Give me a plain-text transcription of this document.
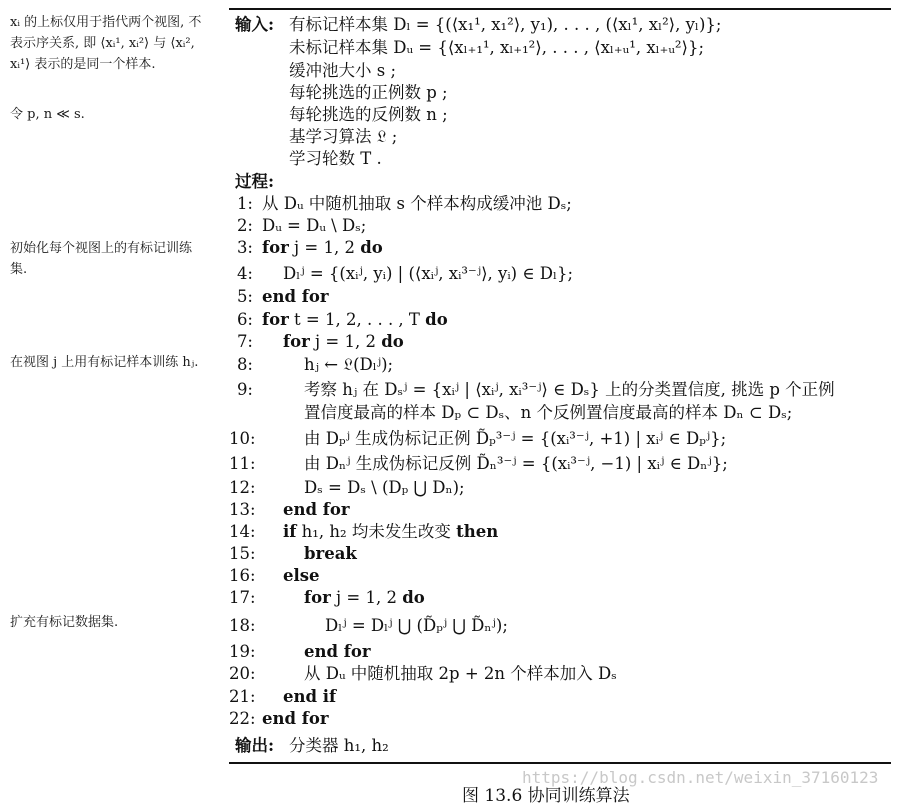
xᵢ 的上标仅用于指代两个视图, 不表示序关系, 即 ⟨xᵢ¹, xᵢ²⟩ 与 ⟨xᵢ², xᵢ¹⟩ 表示的是同一个样本.
令 p, n ≪ s.
初始化每个视图上的有标记训练集.
在视图 j 上用有标记样本训练 hⱼ.
扩充有标记数据集.
输入: 有标记样本集 Dₗ = {(⟨x₁¹, x₁²⟩, y₁), . . . , (⟨xₗ¹, xₗ²⟩, yₗ)};
未标记样本集 Dᵤ = {⟨xₗ₊₁¹, xₗ₊₁²⟩, . . . , ⟨xₗ₊ᵤ¹, xₗ₊ᵤ²⟩};
缓冲池大小 s ;
每轮挑选的正例数 p ;
每轮挑选的反例数 n ;
基学习算法 𝔏 ;
学习轮数 T .
过程:
1: 从 Dᵤ 中随机抽取 s 个样本构成缓冲池 Dₛ;
2: Dᵤ = Dᵤ \ Dₛ;
3: for j = 1, 2 do
4: Dₗʲ = {(xᵢʲ, yᵢ) | (⟨xᵢʲ, xᵢ³⁻ʲ⟩, yᵢ) ∈ Dₗ};
5: end for
6: for t = 1, 2, . . . , T do
7: for j = 1, 2 do
8:	hⱼ ← 𝔏(Dₗʲ);
9:	考察 hⱼ 在 Dₛʲ = {xᵢʲ | ⟨xᵢʲ, xᵢ³⁻ʲ⟩ ∈ Dₛ} 上的分类置信度, 挑选 p 个正例
置信度最高的样本 Dₚ ⊂ Dₛ、n 个反例置信度最高的样本 Dₙ ⊂ Dₛ;
10:	由 Dₚʲ 生成伪标记正例 D̃ₚ³⁻ʲ = {(xᵢ³⁻ʲ, +1) | xᵢʲ ∈ Dₚʲ};
11:	由 Dₙʲ 生成伪标记反例 D̃ₙ³⁻ʲ = {(xᵢ³⁻ʲ, −1) | xᵢʲ ∈ Dₙʲ};
12:	Dₛ = Dₛ \ (Dₚ ⋃ Dₙ);
13: end for
14: if h₁, h₂ 均未发生改变 then
15:	break
16: else
17:	for j = 1, 2 do
18:	Dₗʲ = Dₗʲ ⋃ (D̃ₚʲ ⋃ D̃ₙʲ);
19:	end for
20:	从 Dᵤ 中随机抽取 2p + 2n 个样本加入 Dₛ
21: end if
22: end for
输出: 分类器 h₁, h₂
https://blog.csdn.net/weixin_37160123
图 13.6 协同训练算法
